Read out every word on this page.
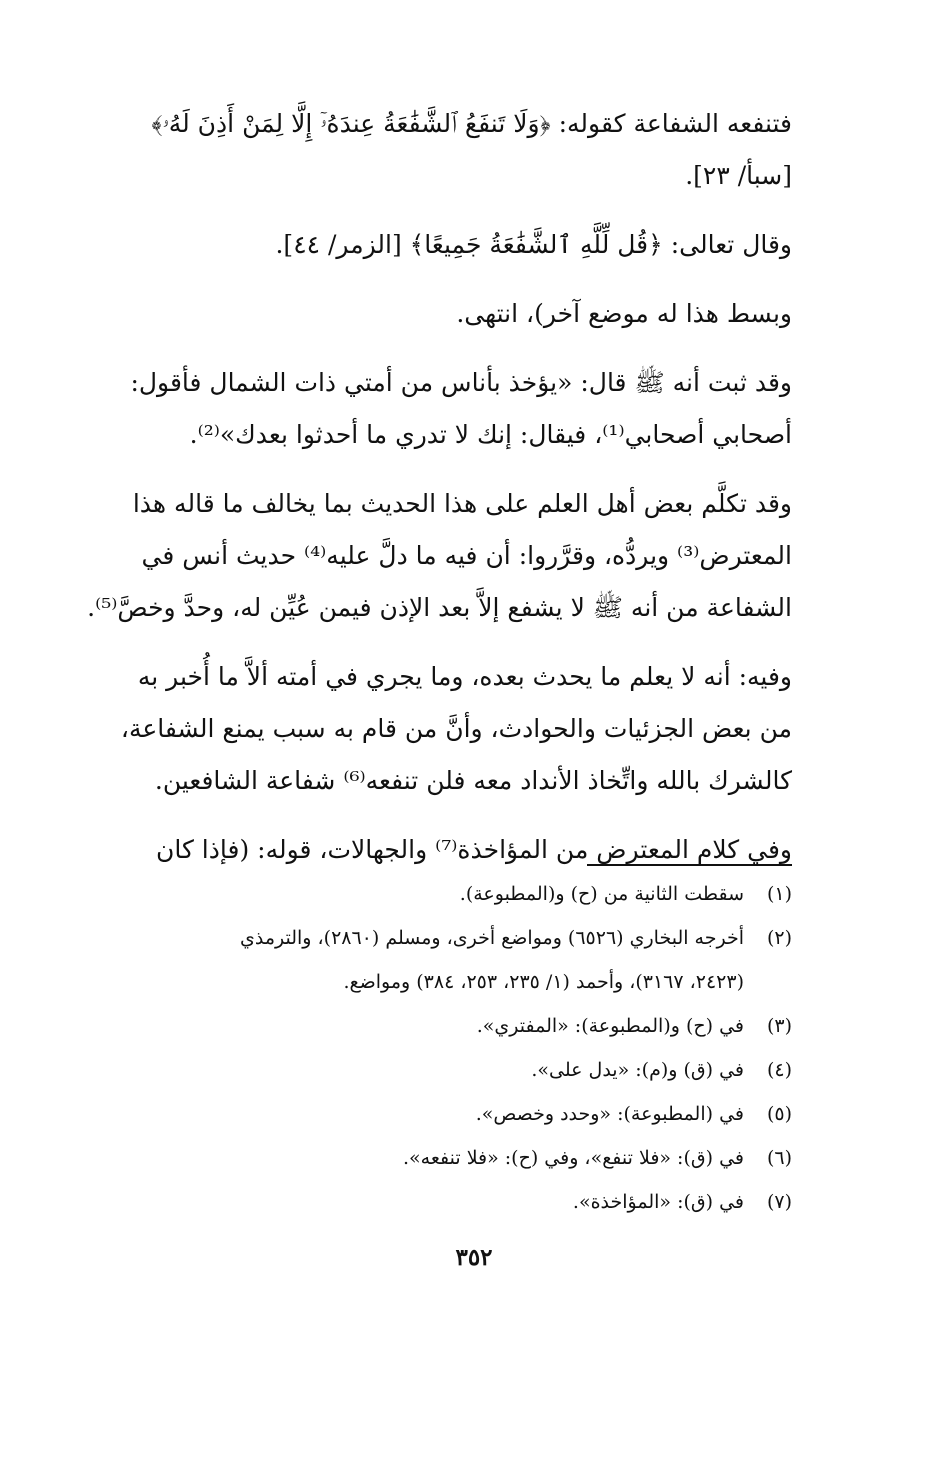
فتنفعه الشفاعة كقوله: ﴿وَلَا تَنفَعُ ٱلشَّفَٰعَةُ عِندَهُۥٓ إِلَّا لِمَنْ أَذِنَ لَهُۥ﴾
[سبأ/ ٢٣].

وقال تعالى: ﴿قُل لِّلَّهِ ٱلشَّفَٰعَةُ جَمِيعًا﴾ [الزمر/ ٤٤].

وبسط هذا له موضع آخر)، انتهى.

وقد ثبت أنه ﷺ قال: «يؤخذ بأناس من أمتي ذات الشمال فأقول:
أصحابي أصحابي⁽¹⁾، فيقال: إنك لا تدري ما أحدثوا بعدك»⁽²⁾.

وقد تكلَّم بعض أهل العلم على هذا الحديث بما يخالف ما قاله هذا
المعترض⁽³⁾ ويردُّه، وقرَّروا: أن فيه ما دلَّ عليه⁽⁴⁾ حديث أنس في
الشفاعة من أنه ﷺ لا يشفع إلاَّ بعد الإذن فيمن عُيِّن له، وحدَّ وخصَّ⁽⁵⁾.

وفيه: أنه لا يعلم ما يحدث بعده، وما يجري في أمته ألاَّ ما أُخبر به
من بعض الجزئيات والحوادث، وأنَّ من قام به سبب يمنع الشفاعة،
كالشرك بالله واتِّخاذ الأنداد معه فلن تنفعه⁽⁶⁾ شفاعة الشافعين.

وفي كلام المعترض من المؤاخذة⁽⁷⁾ والجهالات، قوله: (فإذا كان

(١)
سقطت الثانية من (ح) و(المطبوعة).
(٢)
أخرجه البخاري (٦٥٢٦) ومواضع أخرى، ومسلم (٢٨٦٠)، والترمذي
(٢٤٢٣، ٣١٦٧)، وأحمد (١/ ٢٣٥، ٢٥٣، ٣٨٤) ومواضع.
(٣)
في (ح) و(المطبوعة): «المفتري».
(٤)
في (ق) و(م): «يدل على».
(٥)
في (المطبوعة): «وحدد وخصص».
(٦)
في (ق): «فلا تنفع»، وفي (ح): «فلا تنفعه».
(٧)
في (ق): «المؤاخذة».
٣٥٢
